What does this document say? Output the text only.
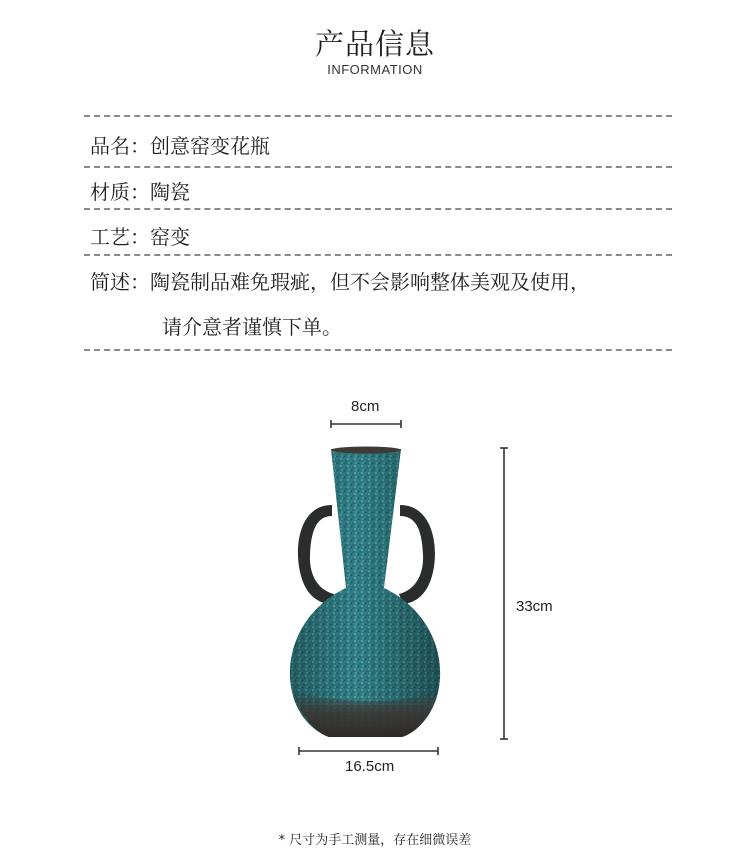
产品信息
INFORMATION
品名：创意窑变花瓶
材质：陶瓷
工艺：窑变
简述：陶瓷制品难免瑕疵，但不会影响整体美观及使用，
请介意者谨慎下单。
8cm
33cm
16.5cm
* 尺寸为手工测量，存在细微误差
